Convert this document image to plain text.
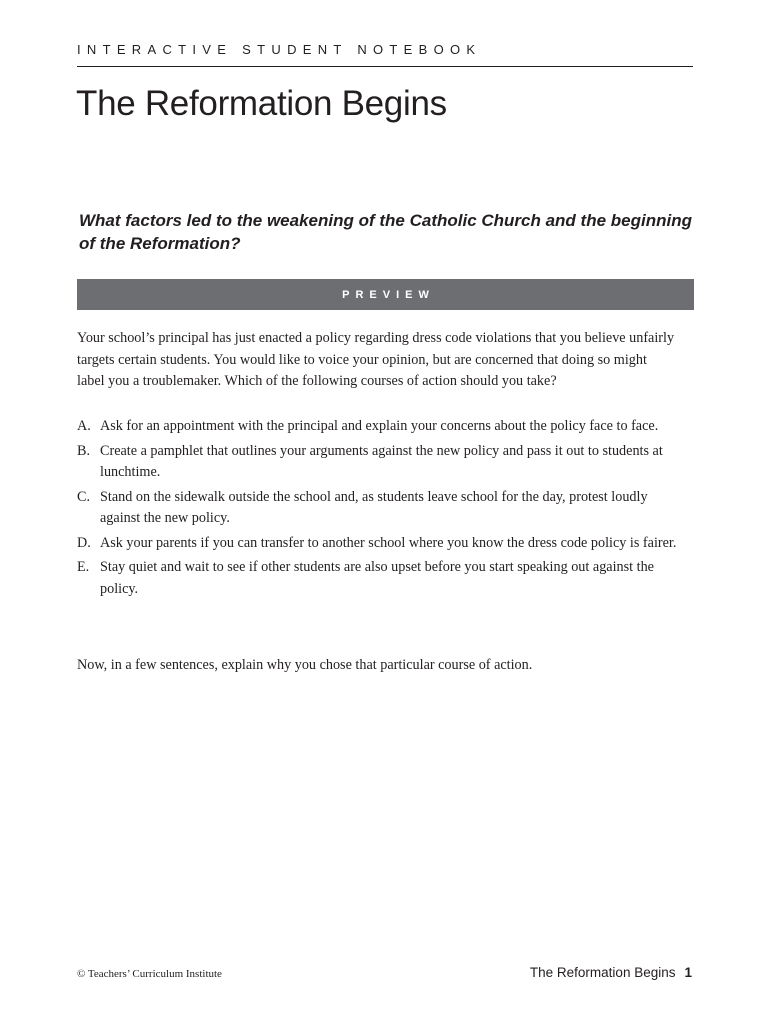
INTERACTIVE STUDENT NOTEBOOK
The Reformation Begins

What factors led to the weakening of the Catholic Church and the beginning of the Reformation?

PREVIEW

Your school’s principal has just enacted a policy regarding dress code violations that you believe unfairly targets certain students. You would like to voice your opinion, but are concerned that doing so might label you a troublemaker. Which of the following courses of action should you take?

A. Ask for an appointment with the principal and explain your concerns about the policy face to face.
B. Create a pamphlet that outlines your arguments against the new policy and pass it out to students at lunchtime.
C. Stand on the sidewalk outside the school and, as students leave school for the day, protest loudly against the new policy.
D. Ask your parents if you can transfer to another school where you know the dress code policy is fairer.
E. Stay quiet and wait to see if other students are also upset before you start speaking out against the policy.

Now, in a few sentences, explain why you chose that particular course of action.

© Teachers’ Curriculum Institute	The Reformation Begins 1
